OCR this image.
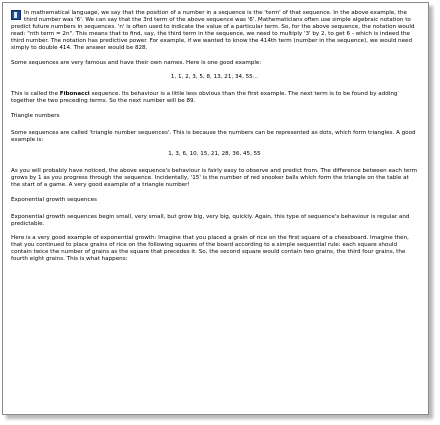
In mathematical language, we say that the position of a number in a sequence is the 'term' of that sequence. In the above example, the third number was '6'. We can say that the 3rd term of the above sequence was '6'. Mathematicians often use simple algebraic notation to predict future numbers in sequences. 'n' is often used to indicate the value of a particular term. So, for the above sequence, the notation would read: "nth term = 2n". This means that to find, say, the third term in the sequence, we need to multiply '3' by 2, to get 6 - which is indeed the third number. The notation has predictive power. For example, if we wanted to know the 414th term (number in the sequence), we would need simply to double 414. The answer would be 828.

Some sequences are very famous and have their own names. Here is one good example:

1, 1, 2, 3, 5, 8, 13, 21, 34, 55...

This is called the Fibonacci sequence. Its behaviour is a little less obvious than the first example. The next term is to be found by adding together the two preceding terms. So the next number will be 89.

Triangle numbers

Some sequences are called 'triangle number sequences'. This is because the numbers can be represented as dots, which form triangles. A good example is:

1, 3, 6, 10, 15, 21, 28, 36, 45, 55

As you will probably have noticed, the above sequence's behaviour is fairly easy to observe and predict from. The difference between each term grows by 1 as you progress through the sequence. Incidentally, '15' is the number of red snooker balls which form the triangle on the table at the start of a game. A very good example of a triangle number!

Exponential growth sequences

Exponential growth sequences begin small, very small, but grow big, very big, quickly. Again, this type of sequence's behaviour is regular and predictable.

Here is a very good example of exponential growth: Imagine that you placed a grain of rice on the first square of a chessboard. Imagine then, that you continued to place grains of rice on the following squares of the board according to a simple sequential rule: each square should contain twice the number of grains as the square that precedes it. So, the second square would contain two grains, the third four grains, the fourth eight grains. This is what happens:
